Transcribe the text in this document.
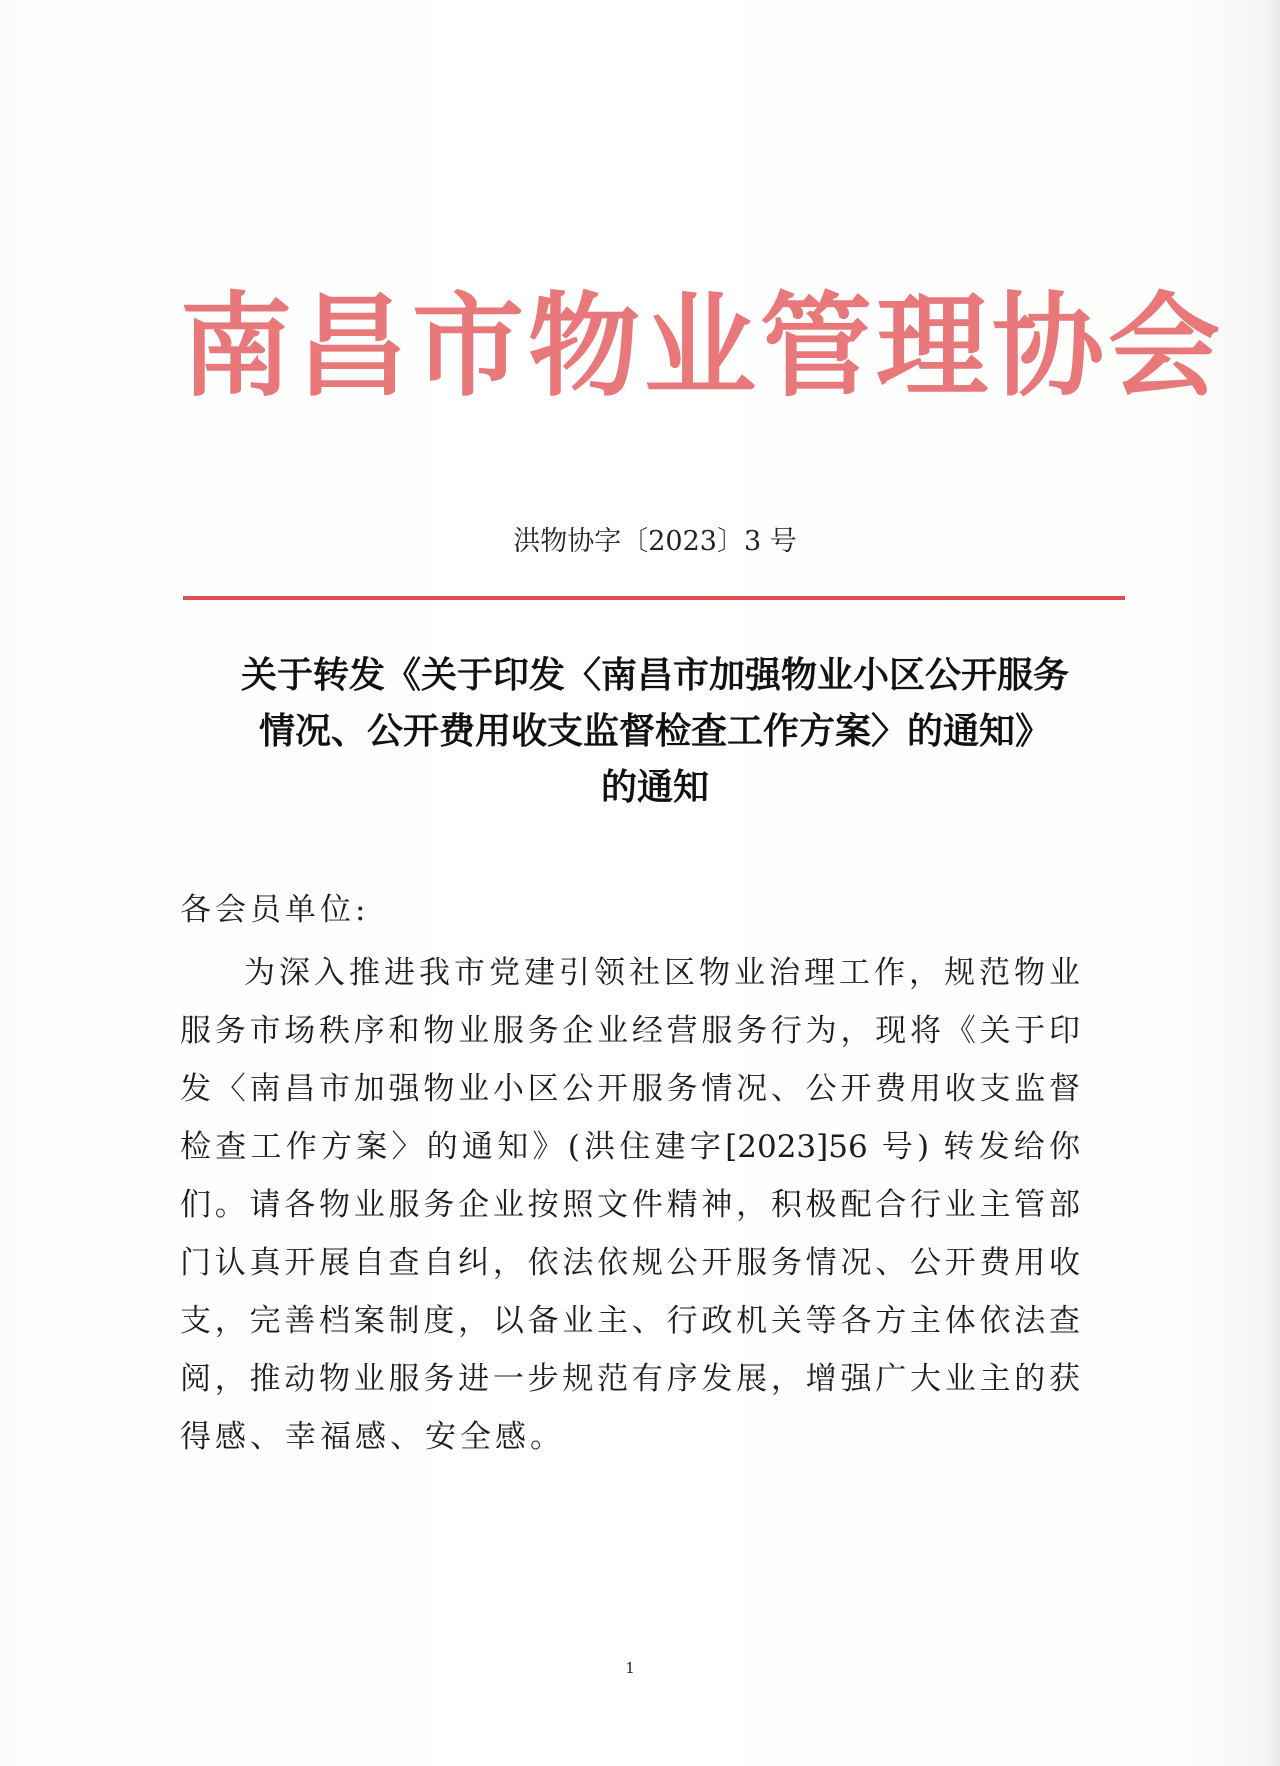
南昌市物业管理协会
洪物协字〔2023〕3 号
关于转发《关于印发〈南昌市加强物业小区公开服务
情况、公开费用收支监督检查工作方案〉的通知》
的通知
各会员单位:
为深入推进我市党建引领社区物业治理工作，规范物业
服务市场秩序和物业服务企业经营服务行为，现将《关于印
发〈南昌市加强物业小区公开服务情况、公开费用收支监督
检查工作方案〉的通知》(洪住建字[2023]56 号) 转发给你
们。请各物业服务企业按照文件精神，积极配合行业主管部
门认真开展自查自纠，依法依规公开服务情况、公开费用收
支，完善档案制度，以备业主、行政机关等各方主体依法查
阅，推动物业服务进一步规范有序发展，增强广大业主的获
得感、幸福感、安全感。
1
